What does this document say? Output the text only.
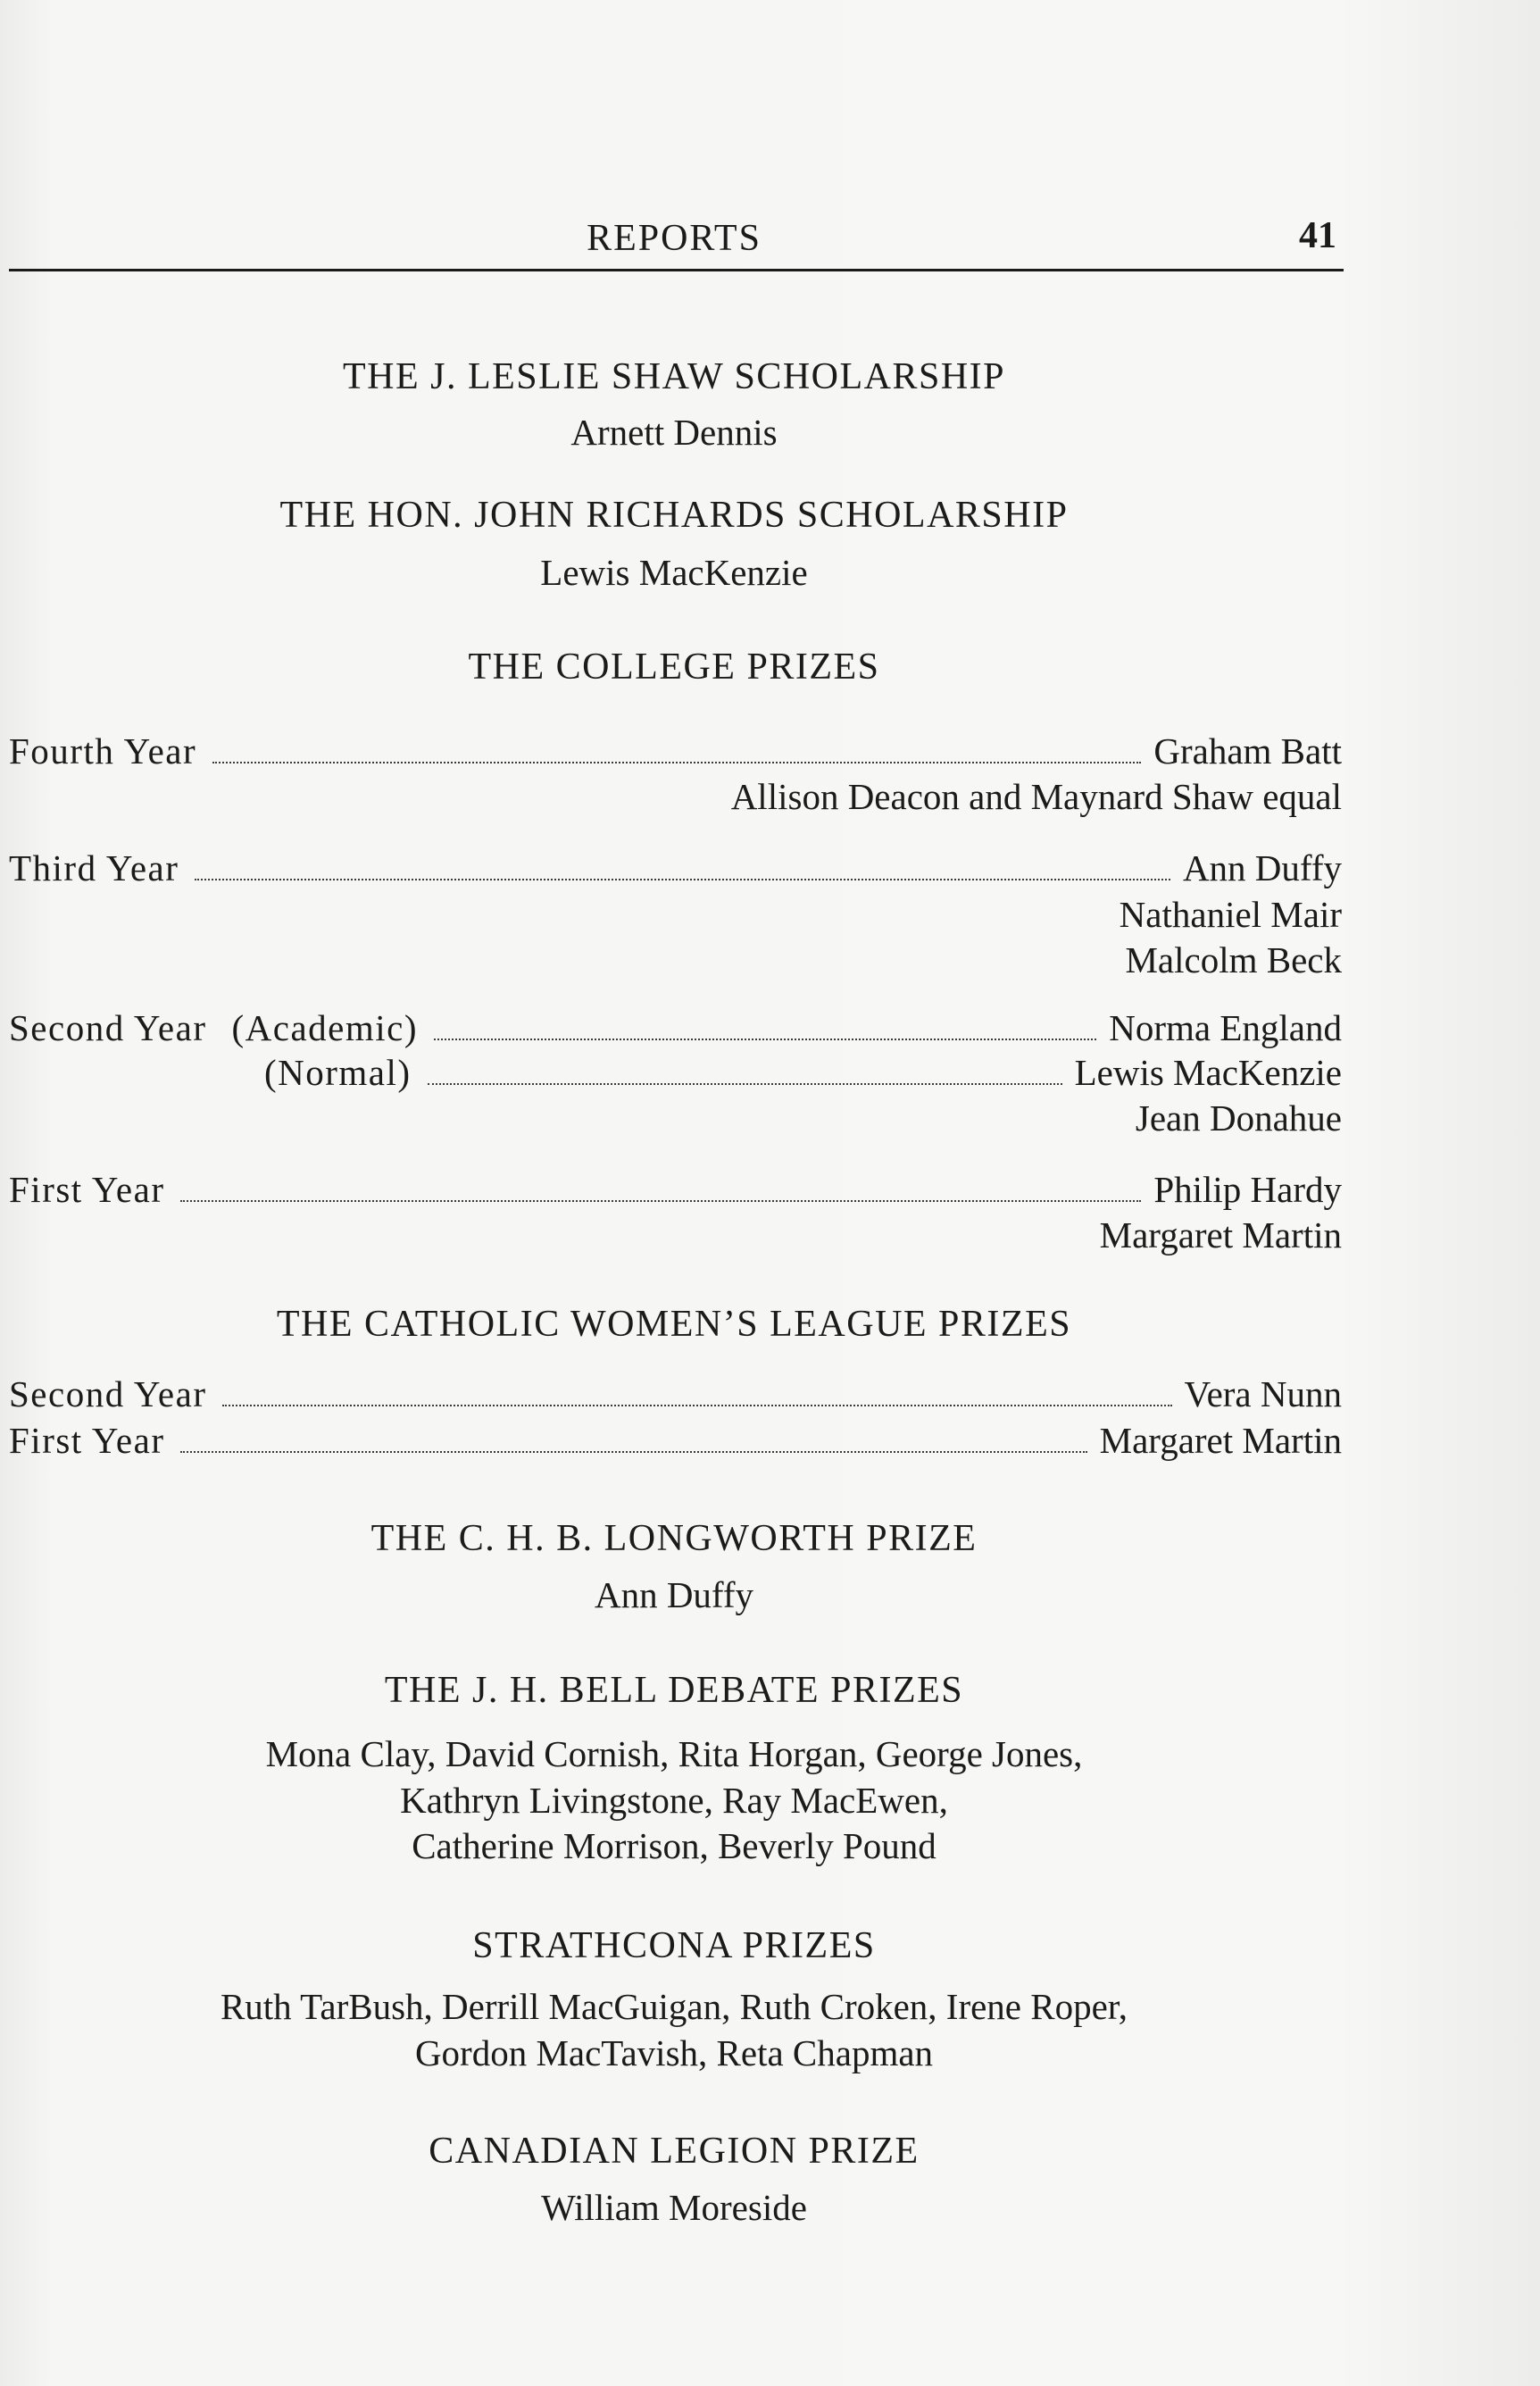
REPORTS	41
THE J. LESLIE SHAW SCHOLARSHIP
Arnett Dennis
THE HON. JOHN RICHARDS SCHOLARSHIP
Lewis MacKenzie
THE COLLEGE PRIZES
Fourth Year	Graham Batt
Allison Deacon and Maynard Shaw equal
Third Year	Ann Duffy
Nathaniel Mair
Malcolm Beck
Second Year (Academic)	Norma England
(Normal)	Lewis MacKenzie
Jean Donahue
First Year	Philip Hardy
Margaret Martin
THE CATHOLIC WOMEN’S LEAGUE PRIZES
Second Year	Vera Nunn
First Year	Margaret Martin
THE C. H. B. LONGWORTH PRIZE
Ann Duffy
THE J. H. BELL DEBATE PRIZES
Mona Clay, David Cornish, Rita Horgan, George Jones,
Kathryn Livingstone, Ray MacEwen,
Catherine Morrison, Beverly Pound
STRATHCONA PRIZES
Ruth TarBush, Derrill MacGuigan, Ruth Croken, Irene Roper,
Gordon MacTavish, Reta Chapman
CANADIAN LEGION PRIZE
William Moreside
